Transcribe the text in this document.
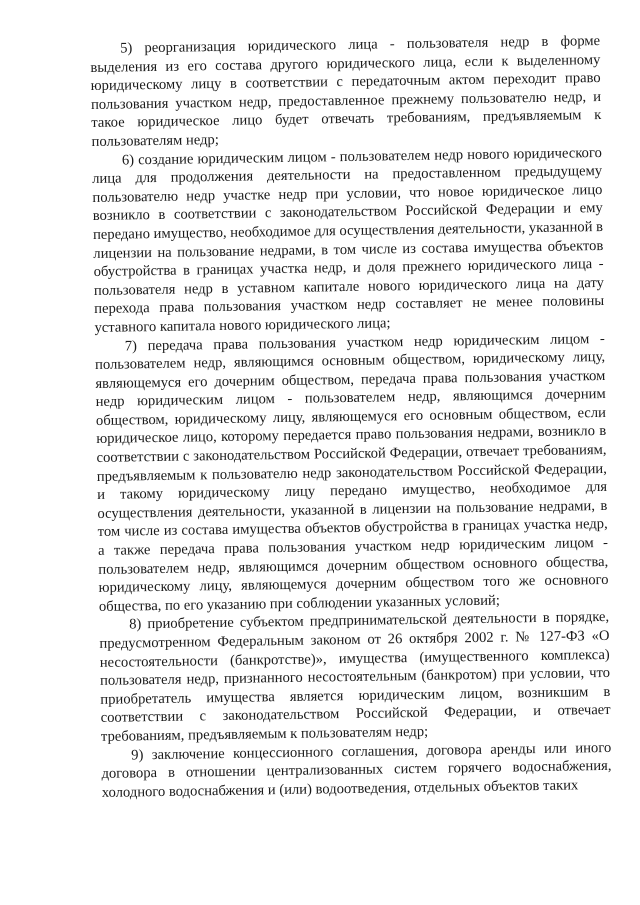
5) реорганизация юридического лица - пользователя недр в форме выделения из его состава другого юридического лица, если к выделенному юридическому лицу в соответствии с передаточным актом переходит право пользования участком недр, предоставленное прежнему пользователю недр, и такое юридическое лицо будет отвечать требованиям, предъявляемым к пользователям недр;

6) создание юридическим лицом - пользователем недр нового юридического лица для продолжения деятельности на предоставленном предыдущему пользователю недр участке недр при условии, что новое юридическое лицо возникло в соответствии с законодательством Российской Федерации и ему передано имущество, необходимое для осуществления деятельности, указанной в лицензии на пользование недрами, в том числе из состава имущества объектов обустройства в границах участка недр, и доля прежнего юридического лица - пользователя недр в уставном капитале нового юридического лица на дату перехода права пользования участком недр составляет не менее половины уставного капитала нового юридического лица;

7) передача права пользования участком недр юридическим лицом - пользователем недр, являющимся основным обществом, юридическому лицу, являющемуся его дочерним обществом, передача права пользования участком недр юридическим лицом - пользователем недр, являющимся дочерним обществом, юридическому лицу, являющемуся его основным обществом, если юридическое лицо, которому передается право пользования недрами, возникло в соответствии с законодательством Российской Федерации, отвечает требованиям, предъявляемым к пользователю недр законодательством Российской Федерации, и такому юридическому лицу передано имущество, необходимое для осуществления деятельности, указанной в лицензии на пользование недрами, в том числе из состава имущества объектов обустройства в границах участка недр, а также передача права пользования участком недр юридическим лицом - пользователем недр, являющимся дочерним обществом основного общества, юридическому лицу, являющемуся дочерним обществом того же основного общества, по его указанию при соблюдении указанных условий;

8) приобретение субъектом предпринимательской деятельности в порядке, предусмотренном Федеральным законом от 26 октября 2002 г. № 127-ФЗ «О несостоятельности (банкротстве)», имущества (имущественного комплекса) пользователя недр, признанного несостоятельным (банкротом) при условии, что приобретатель имущества является юридическим лицом, возникшим в соответствии с законодательством Российской Федерации, и отвечает требованиям, предъявляемым к пользователям недр;

9) заключение концессионного соглашения, договора аренды или иного договора в отношении централизованных систем горячего водоснабжения, холодного водоснабжения и (или) водоотведения, отдельных объектов таких
